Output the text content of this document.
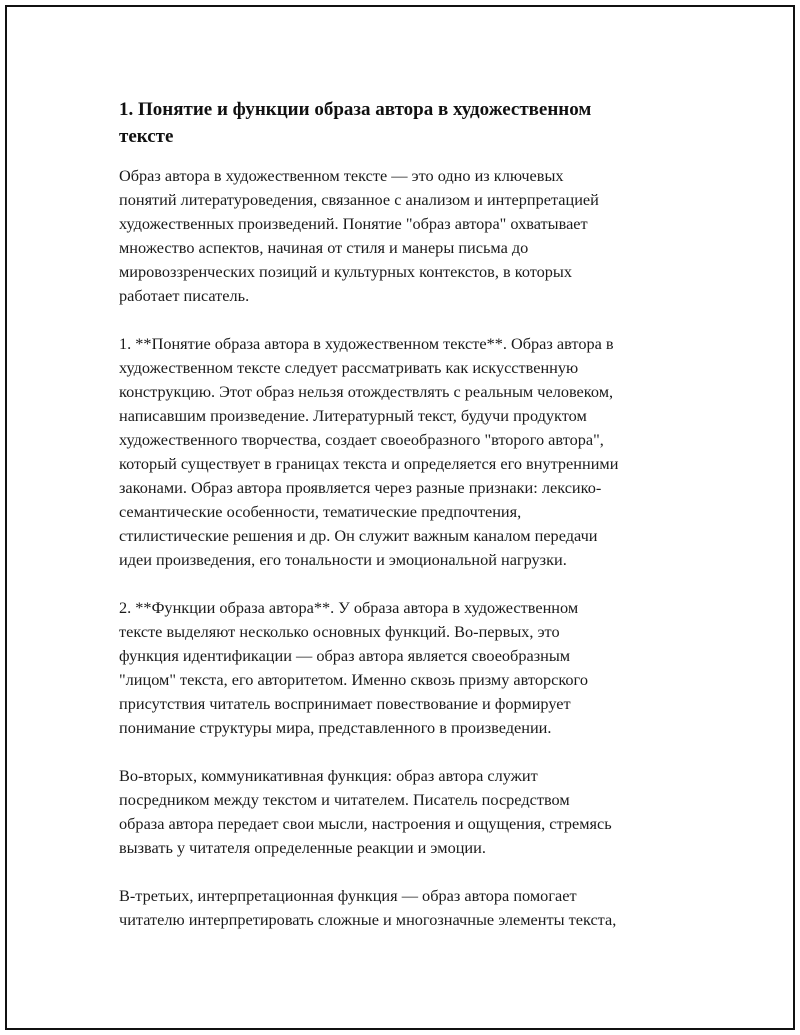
1. Понятие и функции образа автора в художественном
тексте

Образ автора в художественном тексте — это одно из ключевых
понятий литературоведения, связанное с анализом и интерпретацией
художественных произведений. Понятие "образ автора" охватывает
множество аспектов, начиная от стиля и манеры письма до
мировоззренческих позиций и культурных контекстов, в которых
работает писатель.

1. **Понятие образа автора в художественном тексте**. Образ автора в
художественном тексте следует рассматривать как искусственную
конструкцию. Этот образ нельзя отождествлять с реальным человеком,
написавшим произведение. Литературный текст, будучи продуктом
художественного творчества, создает своеобразного "второго автора",
который существует в границах текста и определяется его внутренними
законами. Образ автора проявляется через разные признаки: лексико-
семантические особенности, тематические предпочтения,
стилистические решения и др. Он служит важным каналом передачи
идеи произведения, его тональности и эмоциональной нагрузки.

2. **Функции образа автора**. У образа автора в художественном
тексте выделяют несколько основных функций. Во-первых, это
функция идентификации — образ автора является своеобразным
"лицом" текста, его авторитетом. Именно сквозь призму авторского
присутствия читатель воспринимает повествование и формирует
понимание структуры мира, представленного в произведении.

Во-вторых, коммуникативная функция: образ автора служит
посредником между текстом и читателем. Писатель посредством
образа автора передает свои мысли, настроения и ощущения, стремясь
вызвать у читателя определенные реакции и эмоции.

В-третьих, интерпретационная функция — образ автора помогает
читателю интерпретировать сложные и многозначные элементы текста,
